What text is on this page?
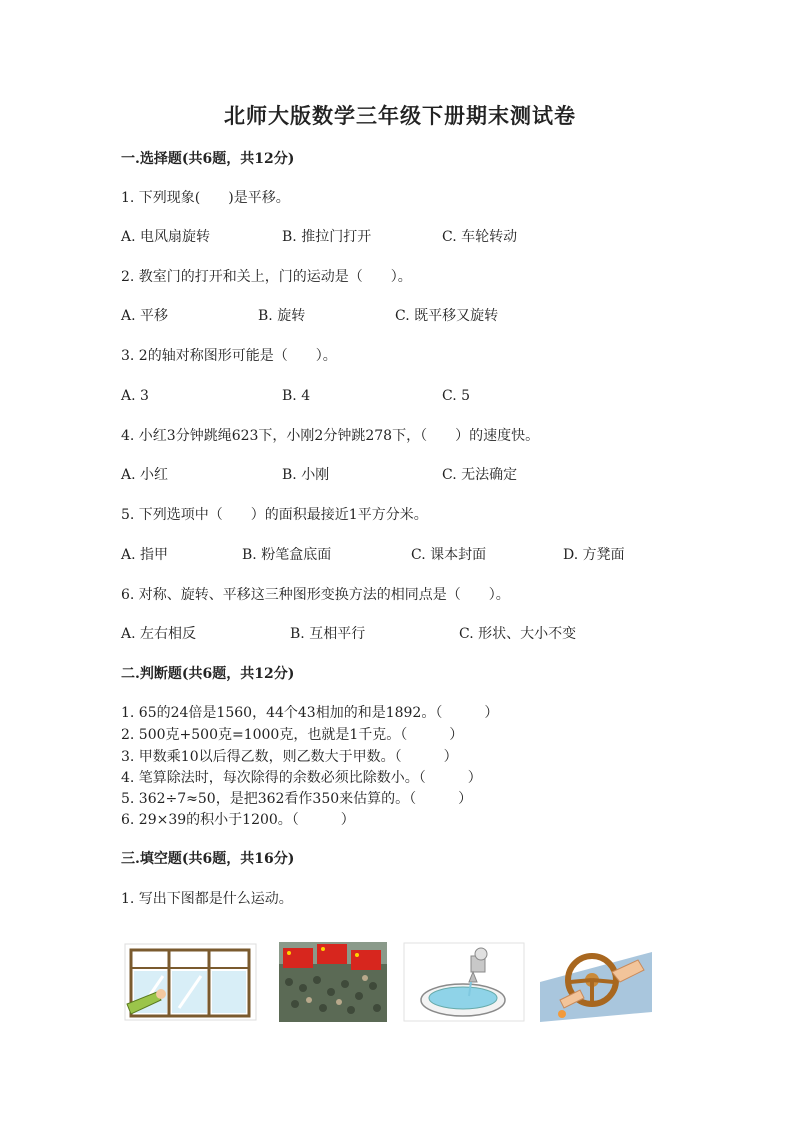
北师大版数学三年级下册期末测试卷
一.选择题(共6题，共12分)
1. 下列现象(　　)是平移。
A. 电风扇旋转	B. 推拉门打开	C. 车轮转动
2. 教室门的打开和关上，门的运动是（　　）。
A. 平移	B. 旋转	C. 既平移又旋转
3. 2的轴对称图形可能是（　　）。
A. 3	B. 4	C. 5
4. 小红3分钟跳绳623下，小刚2分钟跳278下，（　　）的速度快。
A. 小红	B. 小刚	C. 无法确定
5. 下列选项中（　　）的面积最接近1平方分米。
A. 指甲	B. 粉笔盒底面	C. 课本封面	D. 方凳面
6. 对称、旋转、平移这三种图形变换方法的相同点是（　　）。
A. 左右相反	B. 互相平行	C. 形状、大小不变
二.判断题(共6题，共12分)
1. 65的24倍是1560，44个43相加的和是1892。（　　　）
2. 500克+500克=1000克，也就是1千克。（　　　）
3. 甲数乘10以后得乙数，则乙数大于甲数。（　　　）
4. 笔算除法时，每次除得的余数必须比除数小。（　　　）
5. 362÷7≈50，是把362看作350来估算的。（　　　）
6. 29×39的积小于1200。（　　　）
三.填空题(共6题，共16分)
1. 写出下图都是什么运动。
